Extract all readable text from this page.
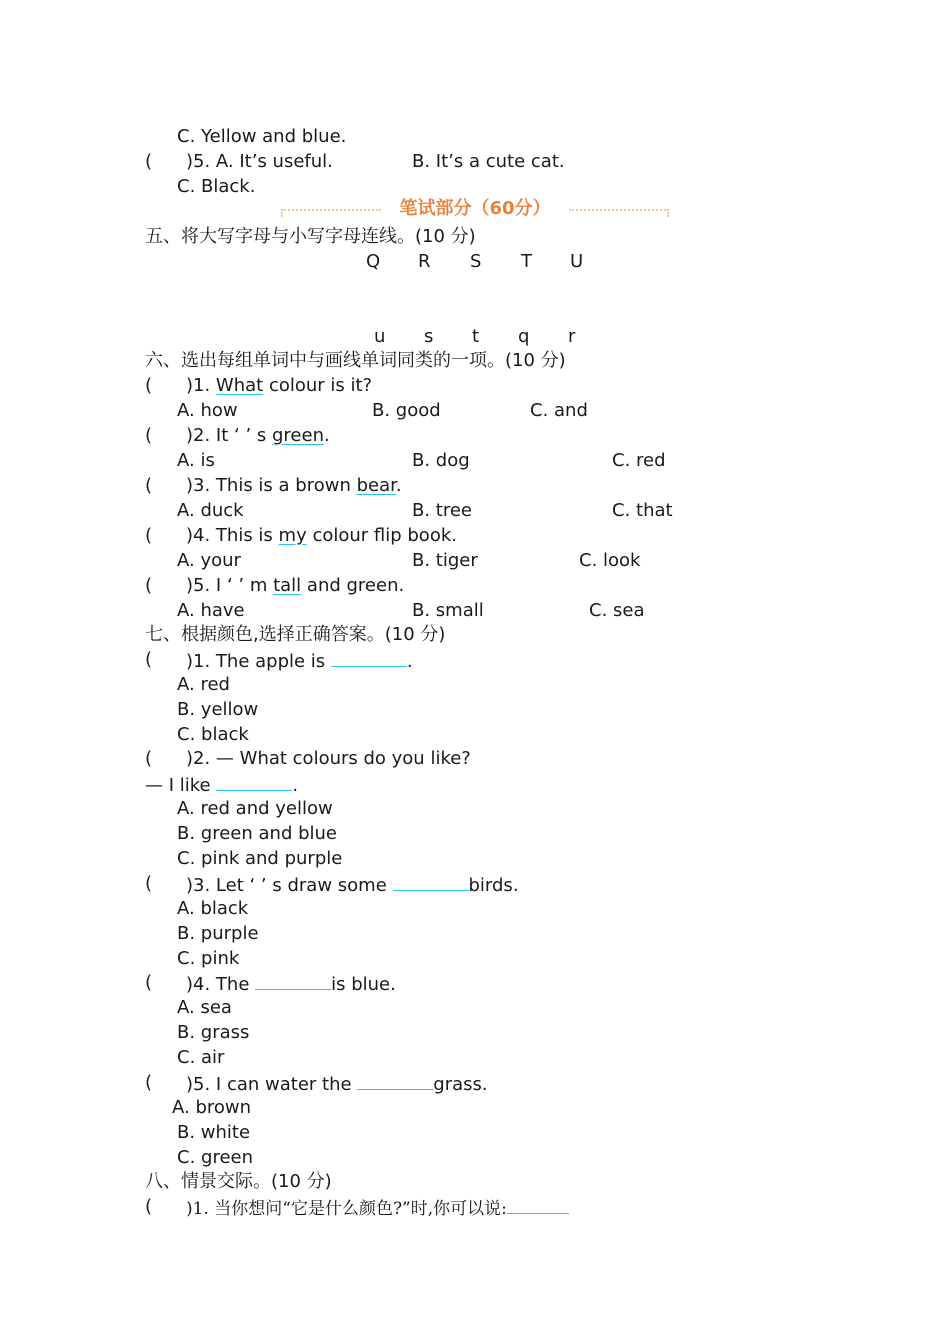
C. Yellow and blue.
( )5. A. It’s useful.	B. It’s a cute cat.
C. Black.
笔试部分（60分）
五、将大写字母与小写字母连线。(10 分)
Q R S T U
u s t q r
六、选出每组单词中与画线单词同类的一项。(10 分)
( )1. What colour is it?
A. how	B. good	C. and
( )2. It ‘ ’ s green.
A. is	B. dog	C. red
( )3. This is a brown bear.
A. duck	B. tree	C. that
( )4. This is my colour flip book.
A. your	B. tiger	C. look
( )5. I ‘ ’ m tall and green.
A. have	B. small	C. sea
七、根据颜色,选择正确答案。(10 分)
( )1. The apple is	.
A. red
B. yellow
C. black
( )2. — What colours do you like?
— I like	.
A. red and yellow
B. green and blue
C. pink and purple
( )3. Let ‘ ’ s draw some	birds.
A. black
B. purple
C. pink
( )4. The	is blue.
A. sea
B. grass
C. air
( )5. I can water the	grass.
A. brown
B. white
C. green
八、情景交际。(10 分)
( )1. 当你想问“它是什么颜色?”时,你可以说:
